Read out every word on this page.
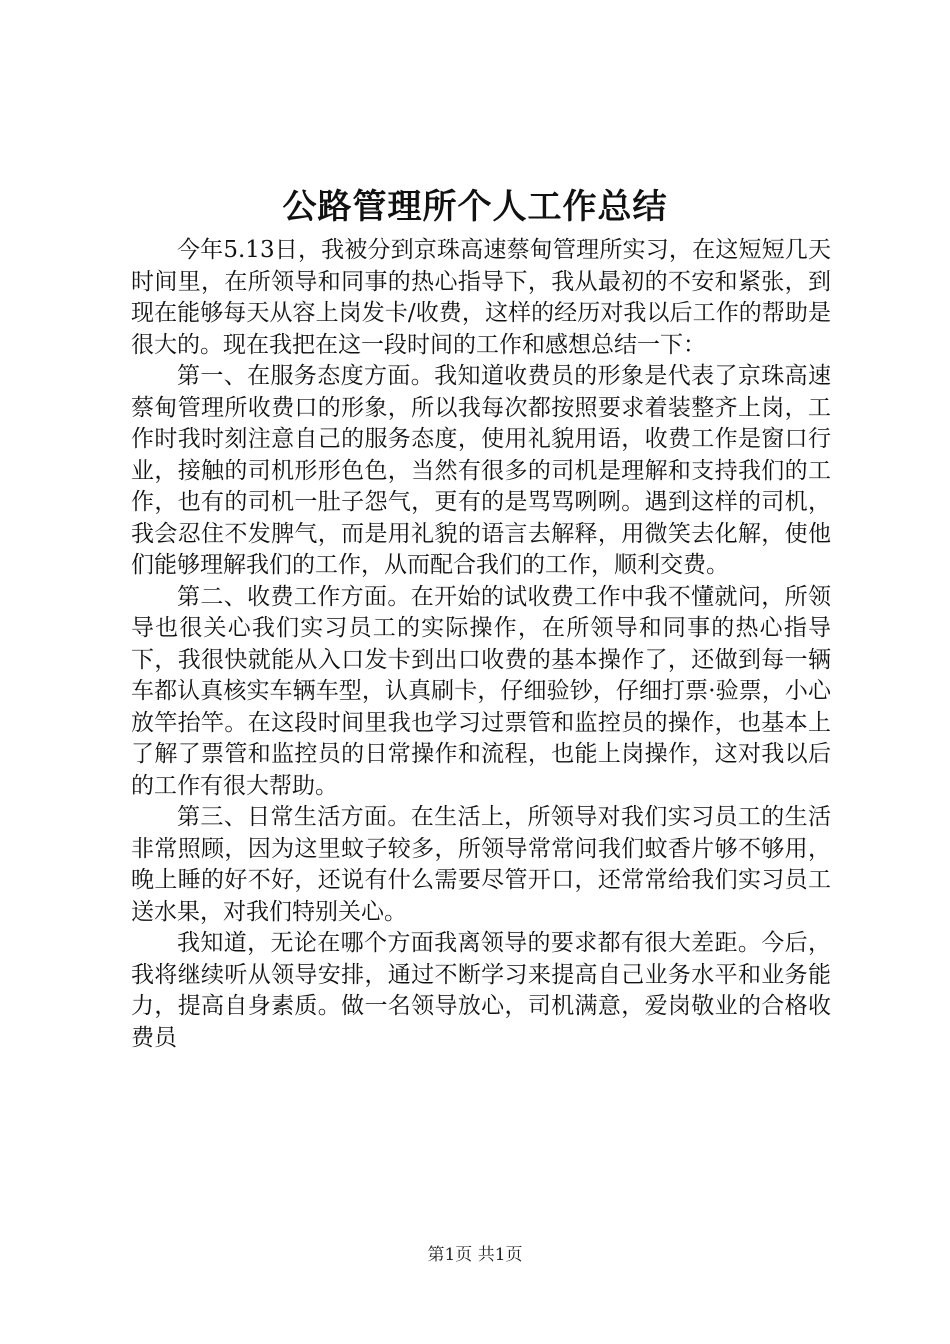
公路管理所个人工作总结

今年5.13日，我被分到京珠高速蔡甸管理所实习，在这短短几天时间里，在所领导和同事的热心指导下，我从最初的不安和紧张，到现在能够每天从容上岗发卡/收费，这样的经历对我以后工作的帮助是很大的。现在我把在这一段时间的工作和感想总结一下：

第一、在服务态度方面。我知道收费员的形象是代表了京珠高速蔡甸管理所收费口的形象，所以我每次都按照要求着装整齐上岗，工作时我时刻注意自己的服务态度，使用礼貌用语，收费工作是窗口行业，接触的司机形形色色，当然有很多的司机是理解和支持我们的工作，也有的司机一肚子怨气，更有的是骂骂咧咧。遇到这样的司机，我会忍住不发脾气，而是用礼貌的语言去解释，用微笑去化解，使他们能够理解我们的工作，从而配合我们的工作，顺利交费。

第二、收费工作方面。在开始的试收费工作中我不懂就问，所领导也很关心我们实习员工的实际操作，在所领导和同事的热心指导下，我很快就能从入口发卡到出口收费的基本操作了，还做到每一辆车都认真核实车辆车型，认真刷卡，仔细验钞，仔细打票·验票，小心放竿抬竿。在这段时间里我也学习过票管和监控员的操作，也基本上了解了票管和监控员的日常操作和流程，也能上岗操作，这对我以后的工作有很大帮助。

第三、日常生活方面。在生活上，所领导对我们实习员工的生活非常照顾，因为这里蚊子较多，所领导常常问我们蚊香片够不够用，晚上睡的好不好，还说有什么需要尽管开口，还常常给我们实习员工送水果，对我们特别关心。

我知道，无论在哪个方面我离领导的要求都有很大差距。今后，我将继续听从领导安排，通过不断学习来提高自己业务水平和业务能力，提高自身素质。做一名领导放心，司机满意，爱岗敬业的合格收费员

第1页 共1页
